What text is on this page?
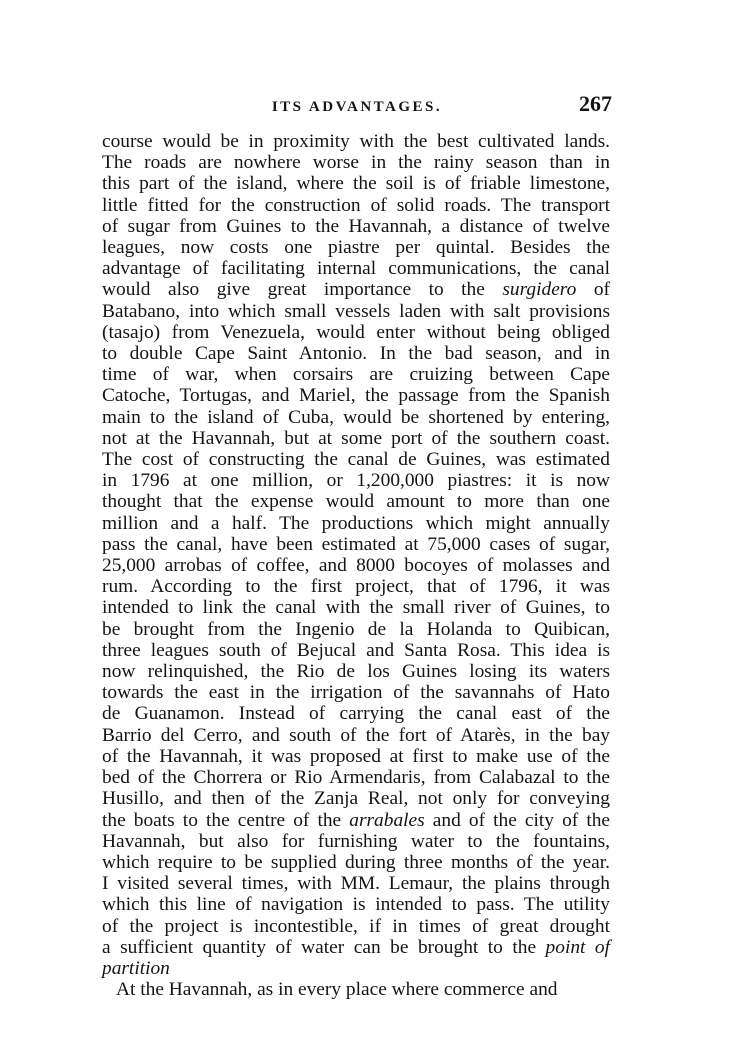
ITS ADVANTAGES.	267
course would be in proximity with the best cultivated lands.
The roads are nowhere worse in the rainy season than in
this part of the island, where the soil is of friable limestone,
little fitted for the construction of solid roads. The transport
of sugar from Guines to the Havannah, a distance of twelve
leagues, now costs one piastre per quintal. Besides the
advantage of facilitating internal communications, the canal
would also give great importance to the surgidero of
Batabano, into which small vessels laden with salt provisions
(tasajo) from Venezuela, would enter without being obliged
to double Cape Saint Antonio. In the bad season, and in
time of war, when corsairs are cruizing between Cape
Catoche, Tortugas, and Mariel, the passage from the Spanish
main to the island of Cuba, would be shortened by entering,
not at the Havannah, but at some port of the southern coast.
The cost of constructing the canal de Guines, was estimated
in 1796 at one million, or 1,200,000 piastres: it is now
thought that the expense would amount to more than one
million and a half. The productions which might annually
pass the canal, have been estimated at 75,000 cases of sugar,
25,000 arrobas of coffee, and 8000 bocoyes of molasses and
rum. According to the first project, that of 1796, it was
intended to link the canal with the small river of Guines, to
be brought from the Ingenio de la Holanda to Quibican,
three leagues south of Bejucal and Santa Rosa. This idea is
now relinquished, the Rio de los Guines losing its waters
towards the east in the irrigation of the savannahs of Hato
de Guanamon. Instead of carrying the canal east of the
Barrio del Cerro, and south of the fort of Atarès, in the bay
of the Havannah, it was proposed at first to make use of the
bed of the Chorrera or Rio Armendaris, from Calabazal to the
Husillo, and then of the Zanja Real, not only for conveying
the boats to the centre of the arrabales and of the city of the
Havannah, but also for furnishing water to the fountains,
which require to be supplied during three months of the year.
I visited several times, with MM. Lemaur, the plains through
which this line of navigation is intended to pass. The utility
of the project is incontestible, if in times of great drought
a sufficient quantity of water can be brought to the point of
partition
At the Havannah, as in every place where commerce and
